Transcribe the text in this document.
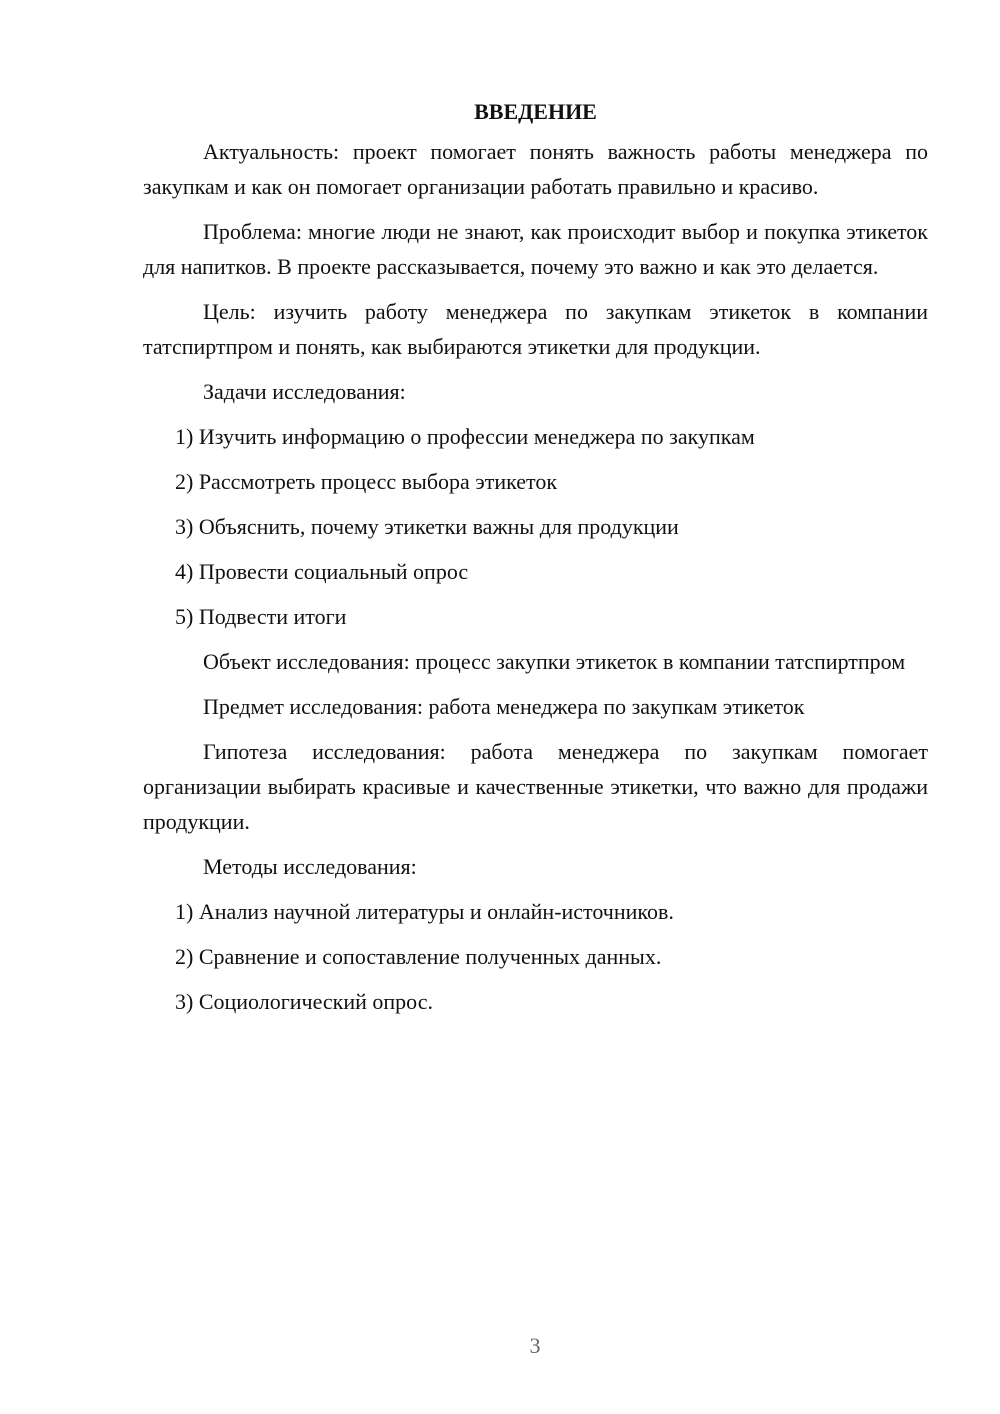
ВВЕДЕНИЕ

Актуальность: проект помогает понять важность работы менеджера по закупкам и как он помогает организации работать правильно и красиво.

Проблема: многие люди не знают, как происходит выбор и покупка этикеток для напитков. В проекте рассказывается, почему это важно и как это делается.

Цель: изучить работу менеджера по закупкам этикеток в компании татспиртпром и понять, как выбираются этикетки для продукции.

Задачи исследования:

1) Изучить информацию о профессии менеджера по закупкам
2) Рассмотреть процесс выбора этикеток
3) Объяснить, почему этикетки важны для продукции
4) Провести социальный опрос
5) Подвести итоги

Объект исследования: процесс закупки этикеток в компании татспиртпром

Предмет исследования: работа менеджера по закупкам этикеток

Гипотеза исследования: работа менеджера по закупкам помогает организации выбирать красивые и качественные этикетки, что важно для продажи продукции.

Методы исследования:

1) Анализ научной литературы и онлайн-источников.
2) Сравнение и сопоставление полученных данных.
3) Социологический опрос.
3
